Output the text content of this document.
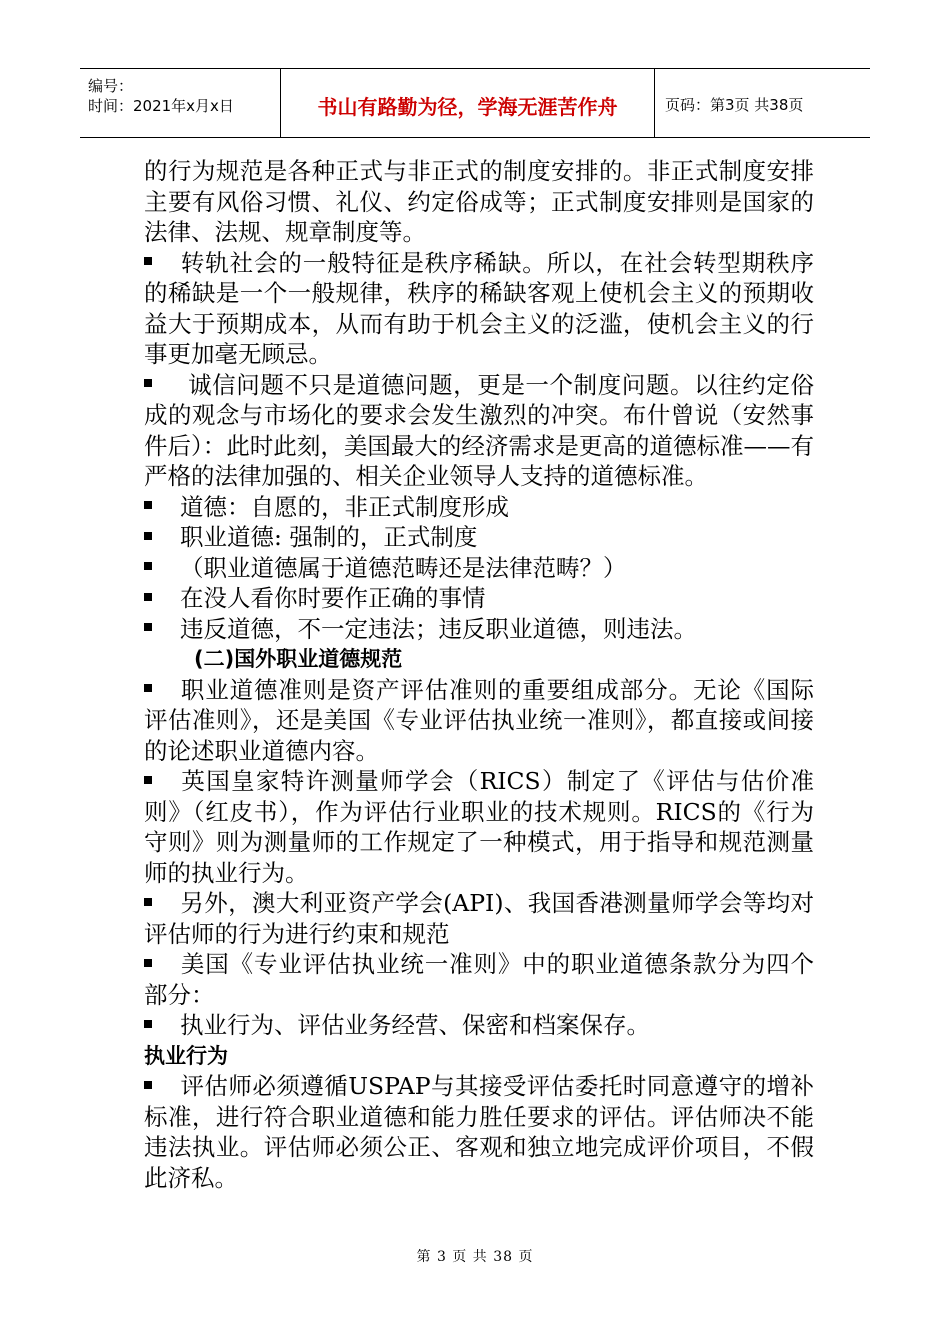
编号：
时间：2021年x月x日	书山有路勤为径，学海无涯苦作舟	页码：第3页 共38页

的行为规范是各种正式与非正式的制度安排的。非正式制度安排主要有风俗习惯、礼仪、约定俗成等；正式制度安排则是国家的法律、法规、规章制度等。

转轨社会的一般特征是秩序稀缺。所以，在社会转型期秩序的稀缺是一个一般规律，秩序的稀缺客观上使机会主义的预期收益大于预期成本，从而有助于机会主义的泛滥，使机会主义的行事更加毫无顾忌。

诚信问题不只是道德问题，更是一个制度问题。以往约定俗成的观念与市场化的要求会发生激烈的冲突。布什曾说（安然事件后）：此时此刻，美国最大的经济需求是更高的道德标准——有严格的法律加强的、相关企业领导人支持的道德标准。

道德：自愿的，非正式制度形成

职业道德: 强制的，正式制度

（职业道德属于道德范畴还是法律范畴？）

在没人看你时要作正确的事情

违反道德，不一定违法；违反职业道德，则违法。

(二)国外职业道德规范

职业道德准则是资产评估准则的重要组成部分。无论《国际评估准则》，还是美国《专业评估执业统一准则》，都直接或间接的论述职业道德内容。

英国皇家特许测量师学会（RICS）制定了《评估与估价准则》（红皮书），作为评估行业职业的技术规则。RICS的《行为守则》则为测量师的工作规定了一种模式，用于指导和规范测量师的执业行为。

另外，澳大利亚资产学会(API)、我国香港测量师学会等均对评估师的行为进行约束和规范

美国《专业评估执业统一准则》中的职业道德条款分为四个部分：

执业行为、评估业务经营、保密和档案保存。

执业行为

评估师必须遵循USPAP与其接受评估委托时同意遵守的增补标准，进行符合职业道德和能力胜任要求的评估。评估师决不能违法执业。评估师必须公正、客观和独立地完成评价项目，不假此济私。

第 3 页 共 38 页
